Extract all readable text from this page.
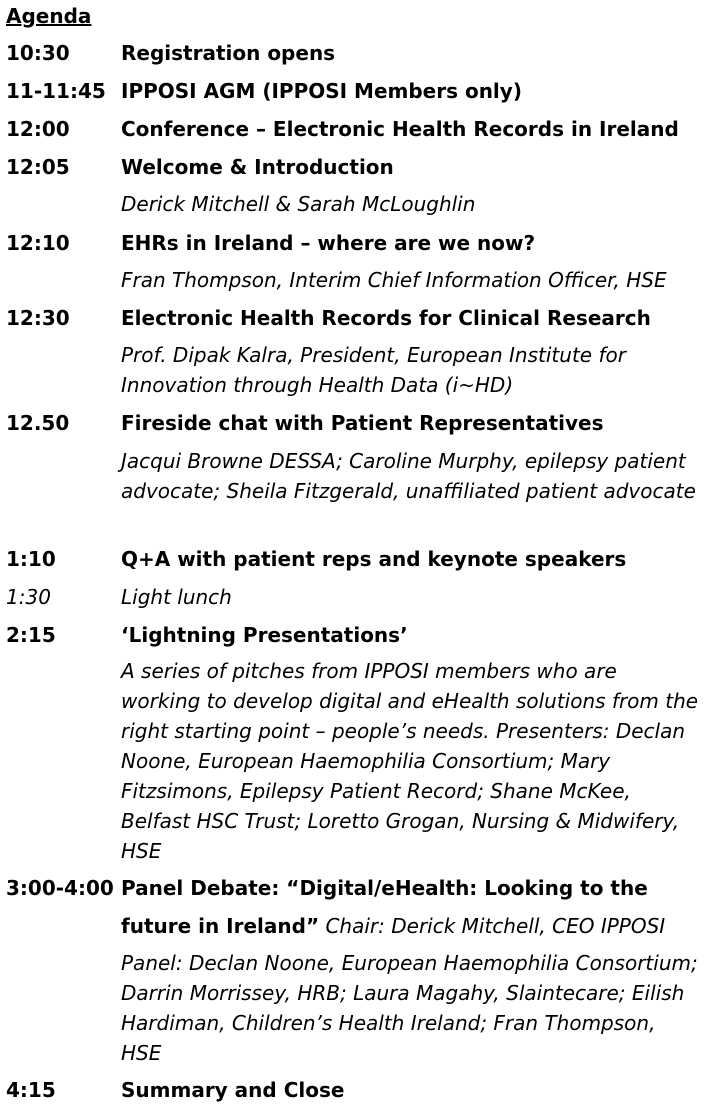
Agenda
10:30	Registration opens
11-11:45 IPPOSI AGM (IPPOSI Members only)
12:00	Conference – Electronic Health Records in Ireland
12:05	Welcome & Introduction
Derick Mitchell & Sarah McLoughlin
12:10	EHRs in Ireland – where are we now?
Fran Thompson, Interim Chief Information Officer, HSE
12:30	Electronic Health Records for Clinical Research
Prof. Dipak Kalra, President, European Institute for Innovation through Health Data (i~HD)
12.50	Fireside chat with Patient Representatives
Jacqui Browne DESSA; Caroline Murphy, epilepsy patient advocate; Sheila Fitzgerald, unaffiliated patient advocate
1:10	Q+A with patient reps and keynote speakers
1:30	Light lunch
2:15	‘Lightning Presentations’
A series of pitches from IPPOSI members who are working to develop digital and eHealth solutions from the right starting point – people’s needs. Presenters: Declan Noone, European Haemophilia Consortium; Mary Fitzsimons, Epilepsy Patient Record; Shane McKee, Belfast HSC Trust; Loretto Grogan, Nursing & Midwifery, HSE
3:00-4:00 Panel Debate: “Digital/eHealth: Looking to the
future in Ireland” Chair: Derick Mitchell, CEO IPPOSI
Panel: Declan Noone, European Haemophilia Consortium; Darrin Morrissey, HRB; Laura Magahy, Slaintecare; Eilish Hardiman, Children’s Health Ireland; Fran Thompson, HSE
4:15	Summary and Close
